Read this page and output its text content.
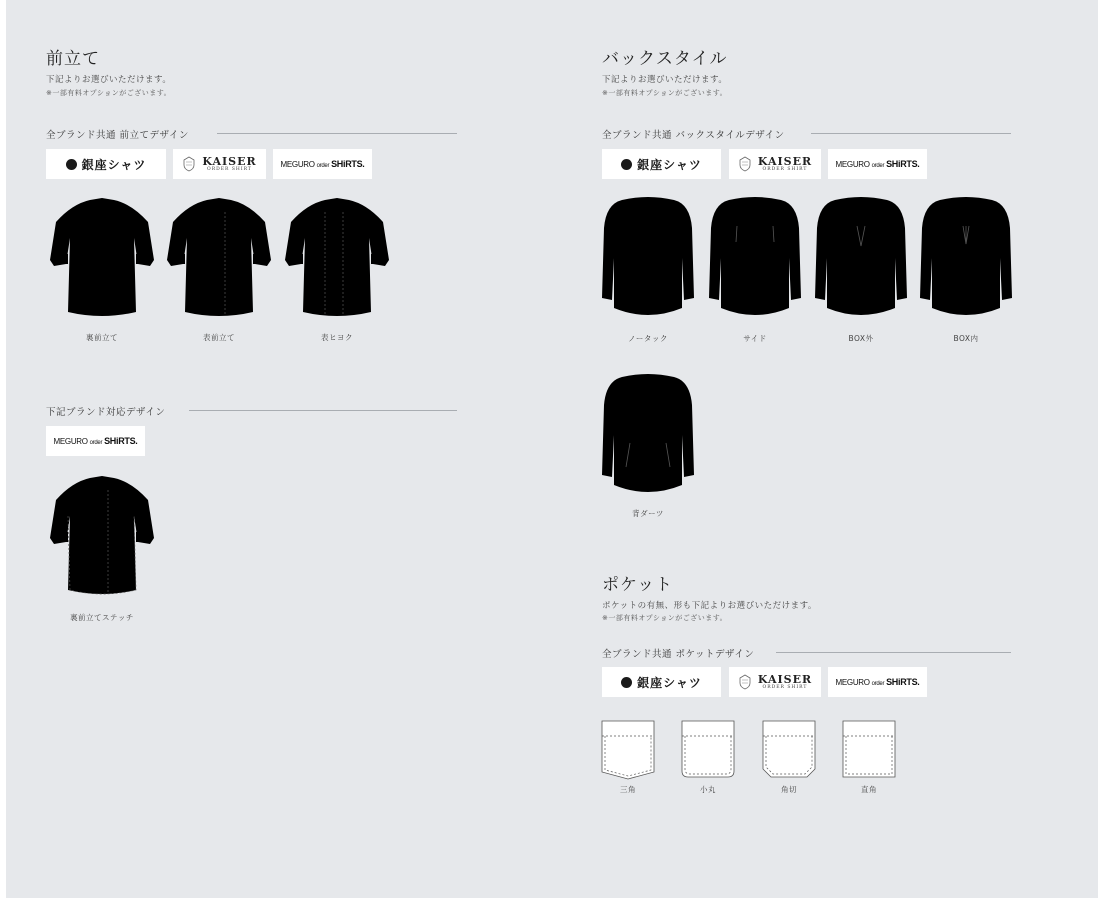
前立て
下記よりお選びいただけます。
※一部有料オプションがございます。
全ブランド共通 前立てデザイン
銀座シャツ	KAISER
ORDER SHIRT
MEGURO order SHiRTS.
裏前立て	表前立て	表ヒヨク
下記ブランド対応デザイン
MEGURO order SHiRTS.
裏前立てステッチ
バックスタイル
下記よりお選びいただけます。
※一部有料オプションがございます。
全ブランド共通 バックスタイルデザイン
銀座シャツ	KAISER
ORDER SHIRT
MEGURO order SHiRTS.
ノータック	サイド	BOX外	BOX内
背ダーツ
ポケット
ポケットの有無、形も下記よりお選びいただけます。
※一部有料オプションがございます。
全ブランド共通 ポケットデザイン
銀座シャツ	KAISER
ORDER SHIRT
MEGURO order SHiRTS.
三角	小丸	角切	直角
